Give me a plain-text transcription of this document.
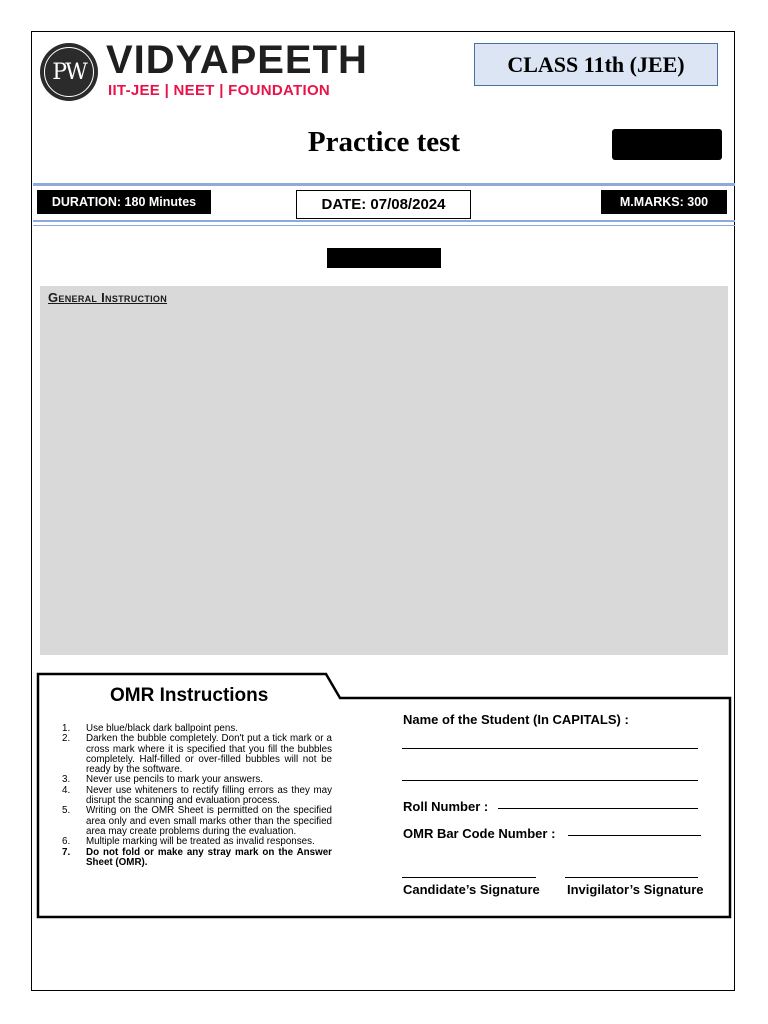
PW VIDYAPEETH
IIT-JEE | NEET | FOUNDATION
CLASS 11th (JEE)
Practice test
DURATION: 180 Minutes	DATE: 07/08/2024	M.MARKS: 300
General Instruction
OMR Instructions
1. Use blue/black dark ballpoint pens.
2. Darken the bubble completely. Don't put a tick mark or a cross mark where it is specified that you fill the bubbles completely. Half-filled or over-filled bubbles will not be ready by the software.
3. Never use pencils to mark your answers.
4. Never use whiteners to rectify filling errors as they may disrupt the scanning and evaluation process.
5. Writing on the OMR Sheet is permitted on the specified area only and even small marks other than the specified area may create problems during the evaluation.
6. Multiple marking will be treated as invalid responses.
7. Do not fold or make any stray mark on the Answer Sheet (OMR).
Name of the Student (In CAPITALS) :
Roll Number :
OMR Bar Code Number :
Candidate’s Signature Invigilator’s Signature
